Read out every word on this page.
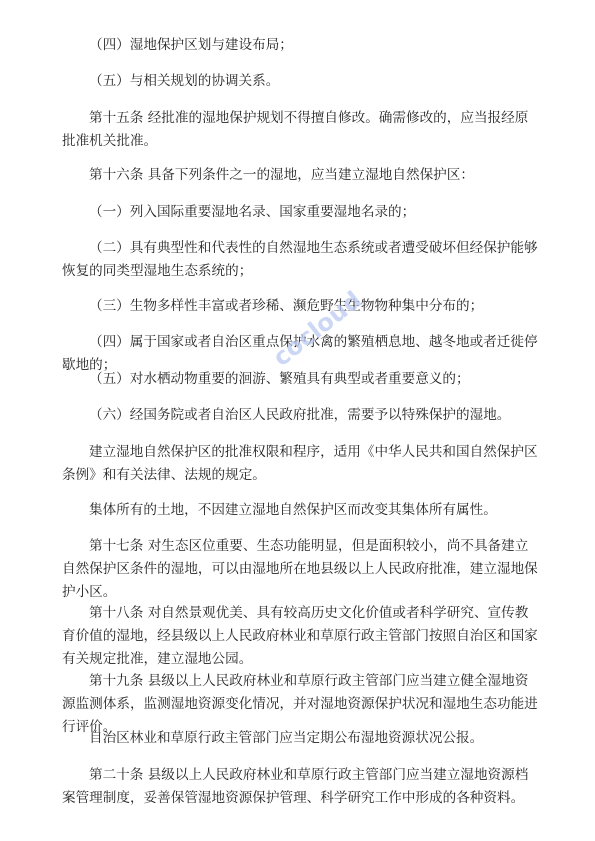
（四）湿地保护区划与建设布局；

（五）与相关规划的协调关系。

第十五条 经批准的湿地保护规划不得擅自修改。确需修改的，应当报经原批准机关批准。

第十六条 具备下列条件之一的湿地，应当建立湿地自然保护区：

（一）列入国际重要湿地名录、国家重要湿地名录的；

（二）具有典型性和代表性的自然湿地生态系统或者遭受破坏但经保护能够恢复的同类型湿地生态系统的；

（三）生物多样性丰富或者珍稀、濒危野生生物物种集中分布的；

（四）属于国家或者自治区重点保护水禽的繁殖栖息地、越冬地或者迁徙停歇地的；

（五）对水栖动物重要的洄游、繁殖具有典型或者重要意义的；

（六）经国务院或者自治区人民政府批准，需要予以特殊保护的湿地。

建立湿地自然保护区的批准权限和程序，适用《中华人民共和国自然保护区条例》和有关法律、法规的规定。

集体所有的土地，不因建立湿地自然保护区而改变其集体所有属性。

第十七条 对生态区位重要、生态功能明显，但是面积较小，尚不具备建立自然保护区条件的湿地，可以由湿地所在地县级以上人民政府批准，建立湿地保护小区。

第十八条 对自然景观优美、具有较高历史文化价值或者科学研究、宣传教育价值的湿地，经县级以上人民政府林业和草原行政主管部门按照自治区和国家有关规定批准，建立湿地公园。

第十九条 县级以上人民政府林业和草原行政主管部门应当建立健全湿地资源监测体系，监测湿地资源变化情况，并对湿地资源保护状况和湿地生态功能进行评价。

自治区林业和草原行政主管部门应当定期公布湿地资源状况公报。

第二十条 县级以上人民政府林业和草原行政主管部门应当建立湿地资源档案管理制度，妥善保管湿地资源保护管理、科学研究工作中形成的各种资料。

cocloud
